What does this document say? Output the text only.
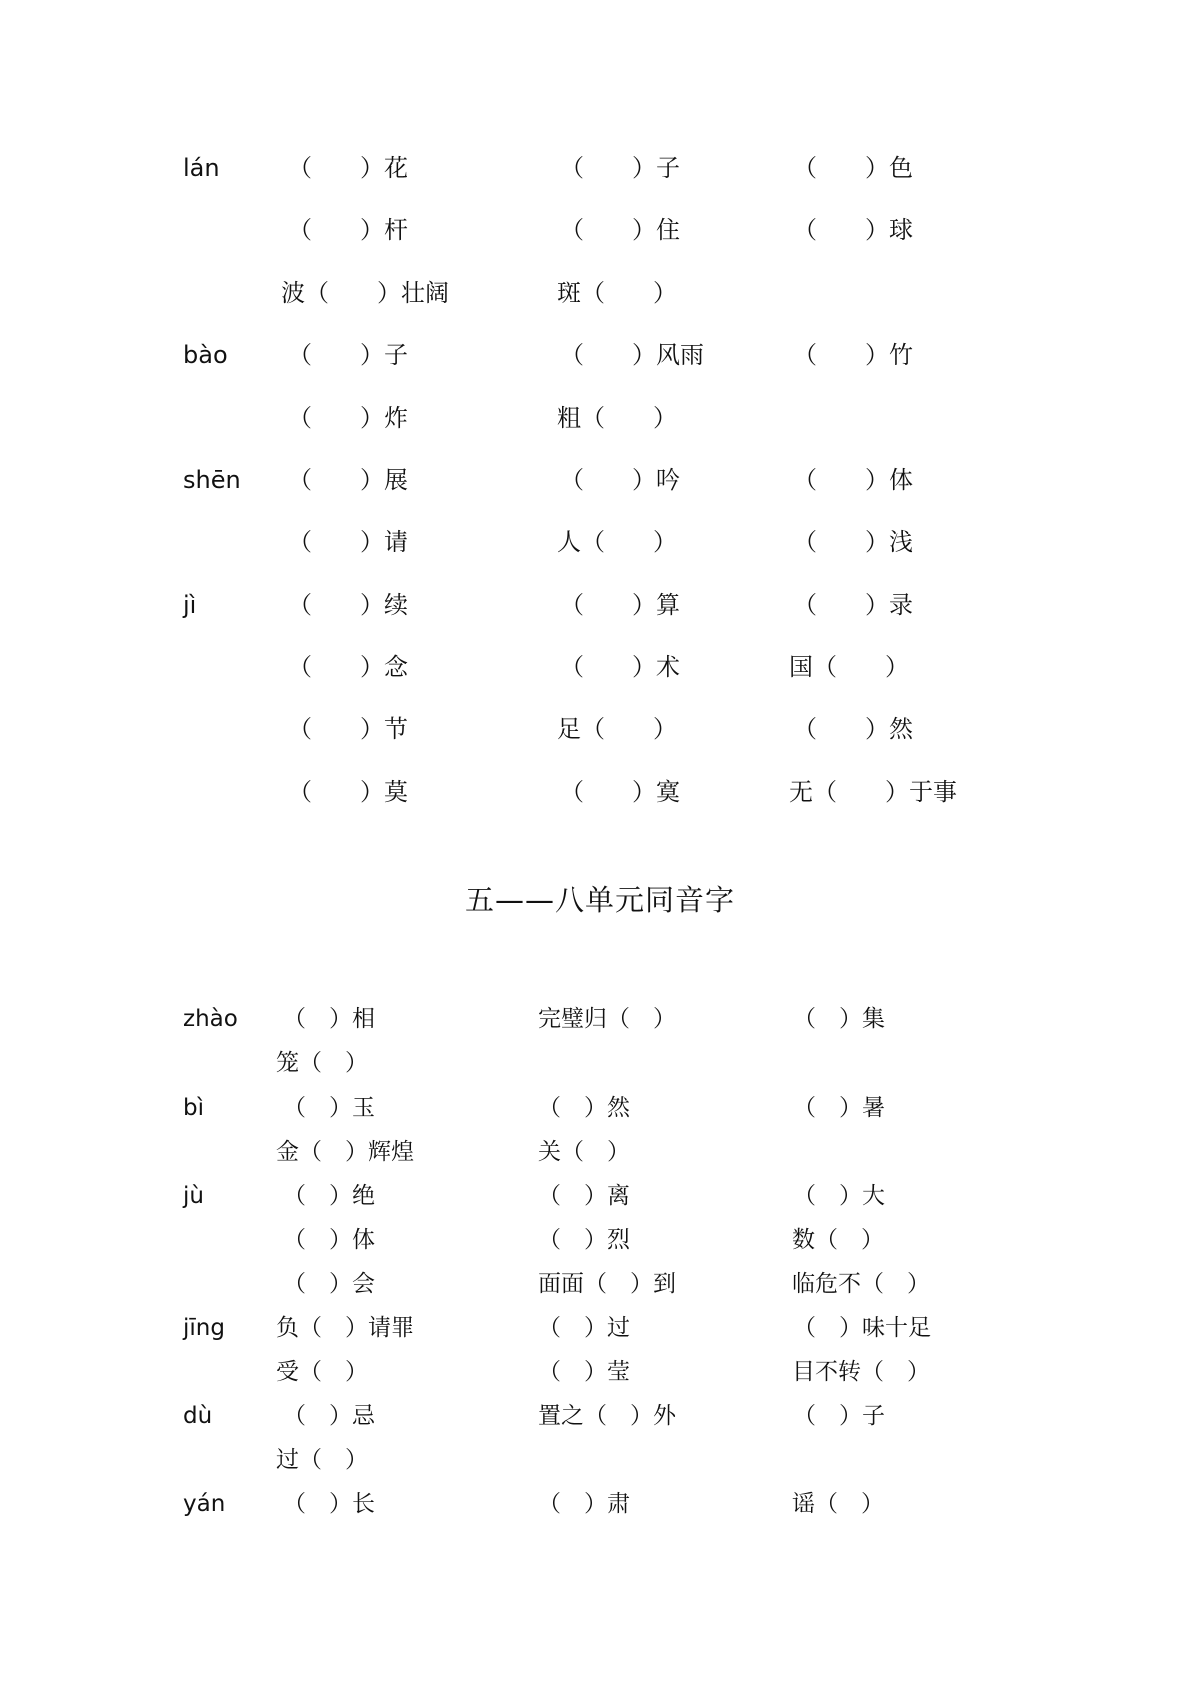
lán	（　　）花	（　　）子	（　　）色
（　　）杆	（　　）住	（　　）球
波（　　）壮阔	斑（　　）
bào	（　　）子	（　　）风雨	（　　）竹
（　　）炸	粗（　　）
shēn （　　）展	（　　）吟	（　　）体
（　　）请	人（　　）	（　　）浅
jì	（　　）续	（　　）算	（　　）录
（　　）念	（　　）术	国（　　）
（　　）节	足（　　）	（　　）然
（　　）莫	（　　）寞	无（　　）于事
五——八单元同音字
zhào （　）相	完璧归（　）	（　）集
笼（　）
bì	（　）玉	（　）然	（　）暑
金（　）辉煌	关（　）
jù	（　）绝	（　）离	（　）大
（　）体	（　）烈	数（　）
（　）会	面面（　）到	临危不（　）
jīng 负（　）请罪	（　）过	（　）味十足
受（　）	（　）莹	目不转（　）
dù	（　）忌	置之（　）外	（　）子
过（　）
yán	（　）长	（　）肃	谣（　）
